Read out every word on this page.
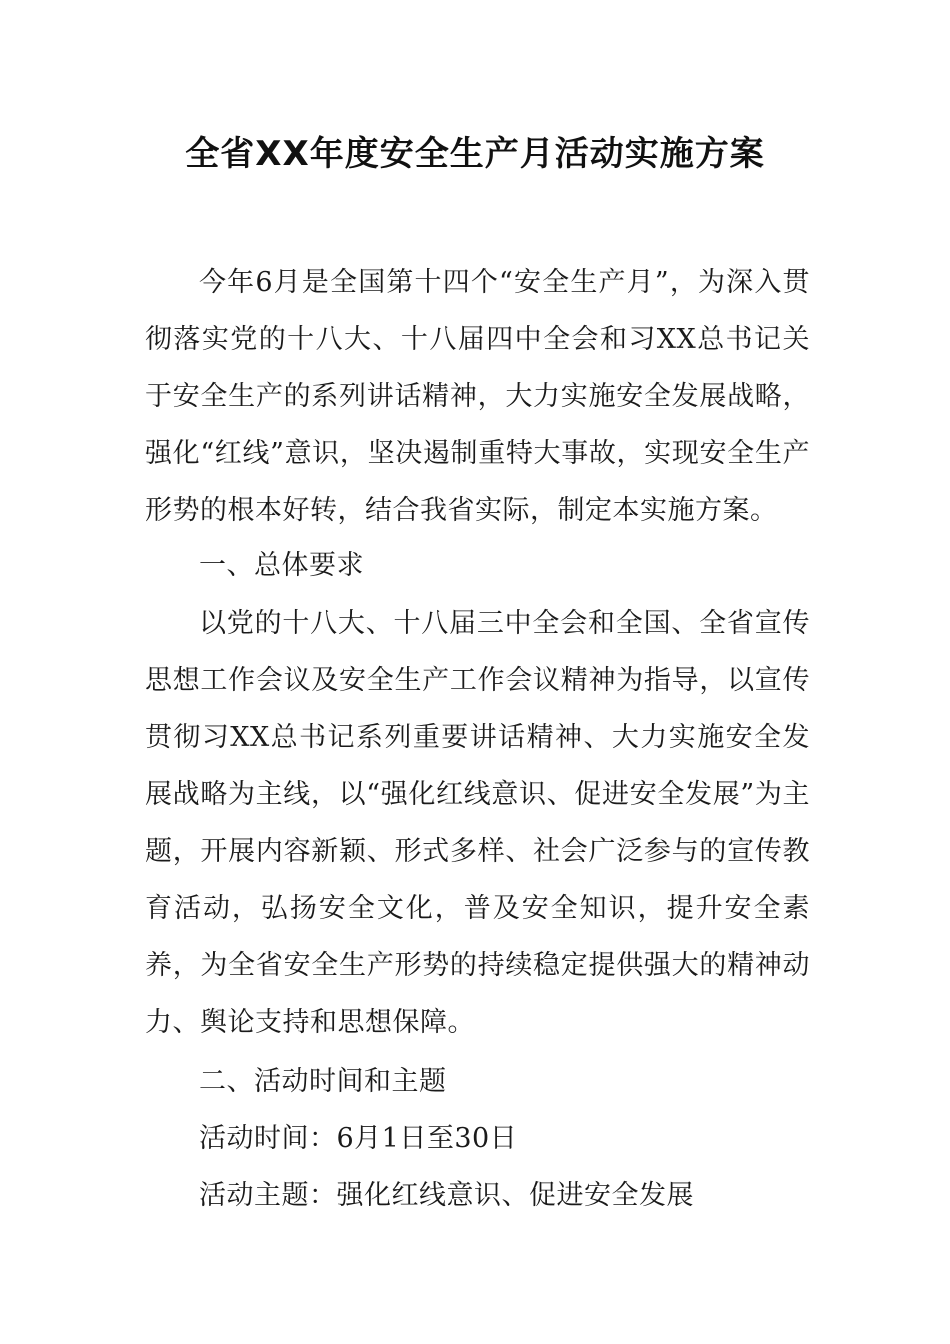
全省XX年度安全生产月活动实施方案

今年6月是全国第十四个“安全生产月”，为深入贯彻落实党的十八大、十八届四中全会和习XX总书记关于安全生产的系列讲话精神，大力实施安全发展战略，强化“红线”意识，坚决遏制重特大事故，实现安全生产形势的根本好转，结合我省实际，制定本实施方案。

一、总体要求

以党的十八大、十八届三中全会和全国、全省宣传思想工作会议及安全生产工作会议精神为指导，以宣传贯彻习XX总书记系列重要讲话精神、大力实施安全发展战略为主线，以“强化红线意识、促进安全发展”为主题，开展内容新颖、形式多样、社会广泛参与的宣传教育活动，弘扬安全文化，普及安全知识，提升安全素养，为全省安全生产形势的持续稳定提供强大的精神动力、舆论支持和思想保障。

二、活动时间和主题

活动时间：6月1日至30日

活动主题：强化红线意识、促进安全发展
